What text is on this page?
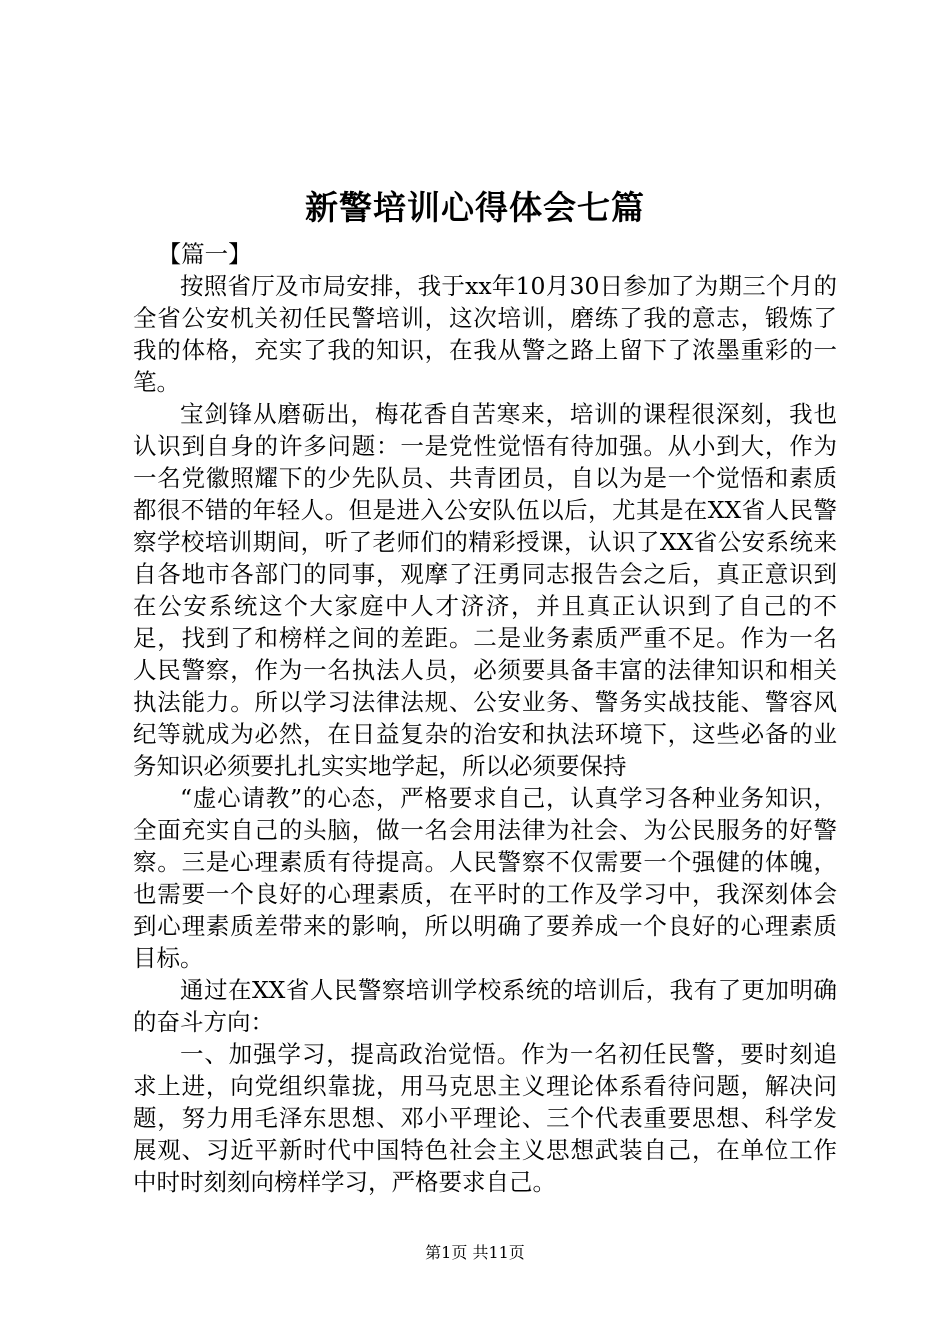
新警培训心得体会七篇

【篇一】

按照省厅及市局安排，我于xx年10月30日参加了为期三个月的全省公安机关初任民警培训，这次培训，磨练了我的意志，锻炼了我的体格，充实了我的知识，在我从警之路上留下了浓墨重彩的一笔。

宝剑锋从磨砺出，梅花香自苦寒来，培训的课程很深刻，我也认识到自身的许多问题：一是党性觉悟有待加强。从小到大，作为一名党徽照耀下的少先队员、共青团员，自以为是一个觉悟和素质都很不错的年轻人。但是进入公安队伍以后，尤其是在XX省人民警察学校培训期间，听了老师们的精彩授课，认识了XX省公安系统来自各地市各部门的同事，观摩了汪勇同志报告会之后，真正意识到在公安系统这个大家庭中人才济济，并且真正认识到了自己的不足，找到了和榜样之间的差距。二是业务素质严重不足。作为一名人民警察，作为一名执法人员，必须要具备丰富的法律知识和相关执法能力。所以学习法律法规、公安业务、警务实战技能、警容风纪等就成为必然，在日益复杂的治安和执法环境下，这些必备的业务知识必须要扎扎实实地学起，所以必须要保持

“虚心请教”的心态，严格要求自己，认真学习各种业务知识，全面充实自己的头脑，做一名会用法律为社会、为公民服务的好警察。三是心理素质有待提高。人民警察不仅需要一个强健的体魄，也需要一个良好的心理素质，在平时的工作及学习中，我深刻体会到心理素质差带来的影响，所以明确了要养成一个良好的心理素质目标。

通过在XX省人民警察培训学校系统的培训后，我有了更加明确的奋斗方向：

一、加强学习，提高政治觉悟。作为一名初任民警，要时刻追求上进，向党组织靠拢，用马克思主义理论体系看待问题，解决问题，努力用毛泽东思想、邓小平理论、三个代表重要思想、科学发展观、习近平新时代中国特色社会主义思想武装自己，在单位工作中时时刻刻向榜样学习，严格要求自己。

第1页 共11页
